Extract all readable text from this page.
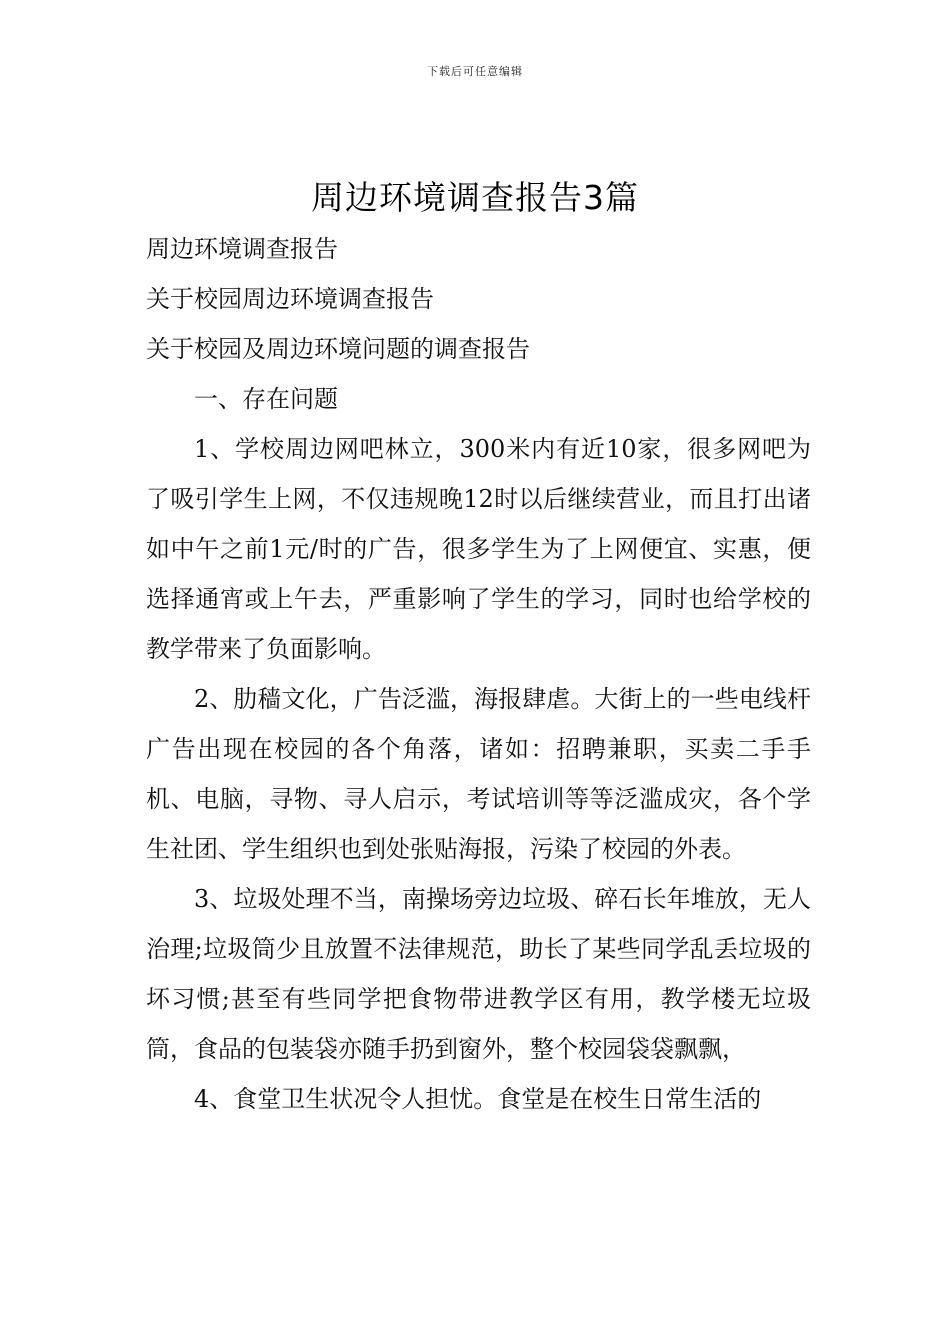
下载后可任意编辑
周边环境调查报告3篇

周边环境调查报告

关于校园周边环境调查报告

关于校园及周边环境问题的调查报告

一、存在问题

1、学校周边网吧林立，300米内有近10家，很多网吧为了吸引学生上网，不仅违规晚12时以后继续营业，而且打出诸如中午之前1元/时的广告，很多学生为了上网便宜、实惠，便选择通宵或上午去，严重影响了学生的学习，同时也给学校的教学带来了负面影响。

2、肋穑文化，广告泛滥，海报肆虐。大街上的一些电线杆广告出现在校园的各个角落，诸如：招聘兼职，买卖二手手机、电脑，寻物、寻人启示，考试培训等等泛滥成灾，各个学生社团、学生组织也到处张贴海报，污染了校园的外表。

3、垃圾处理不当，南操场旁边垃圾、碎石长年堆放，无人治理;垃圾筒少且放置不法律规范，助长了某些同学乱丢垃圾的坏习惯;甚至有些同学把食物带进教学区有用，教学楼无垃圾筒，食品的包装袋亦随手扔到窗外，整个校园袋袋飘飘，

4、食堂卫生状况令人担忧。食堂是在校生日常生活的
